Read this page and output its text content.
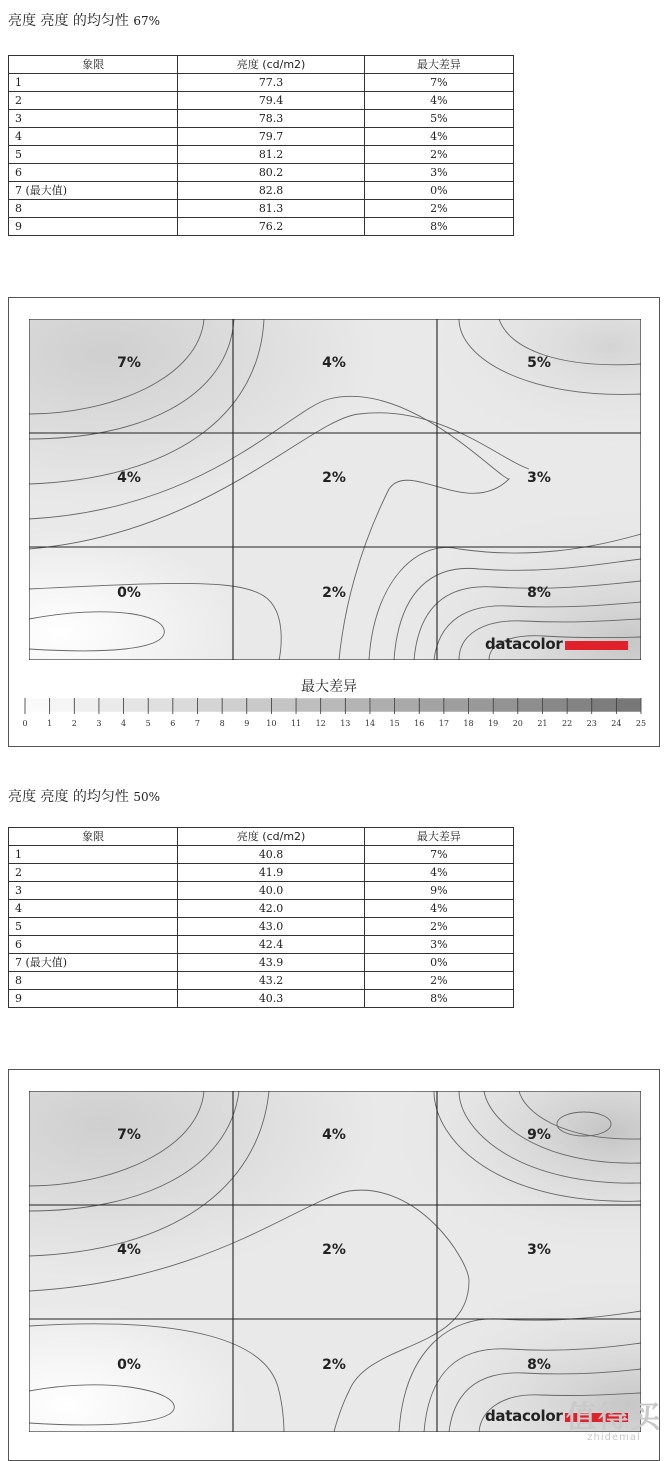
亮度 亮度 的均匀性 67%
象限	亮度 (cd/m2)	最大差异
1	77.3	7%
2	79.4	4%
3	78.3	5%
4	79.7	4%
5	81.2	2%
6	80.2	3%
7 (最大值)	82.8	0%
8	81.3	2%
9	76.2	8%
7%	4%	5%
4%	2%	3%
0%	2%	8%
datacolor
最大差异
0 1 2 3 4 5 6 7 8 9 10 11 12 13 14 15 16 17 18 19 20 21 22 23 24 25
亮度 亮度 的均匀性 50%
象限	亮度 (cd/m2)	最大差异
1	40.8	7%
2	41.9	4%
3	40.0	9%
4	42.0	4%
5	43.0	2%
6	42.4	3%
7 (最大值)	43.9	0%
8	43.2	2%
9	40.3	8%
7%	4%	9%
4%	2%	3%
0%	2%	8%
datacolor 值得买
zhidemai
